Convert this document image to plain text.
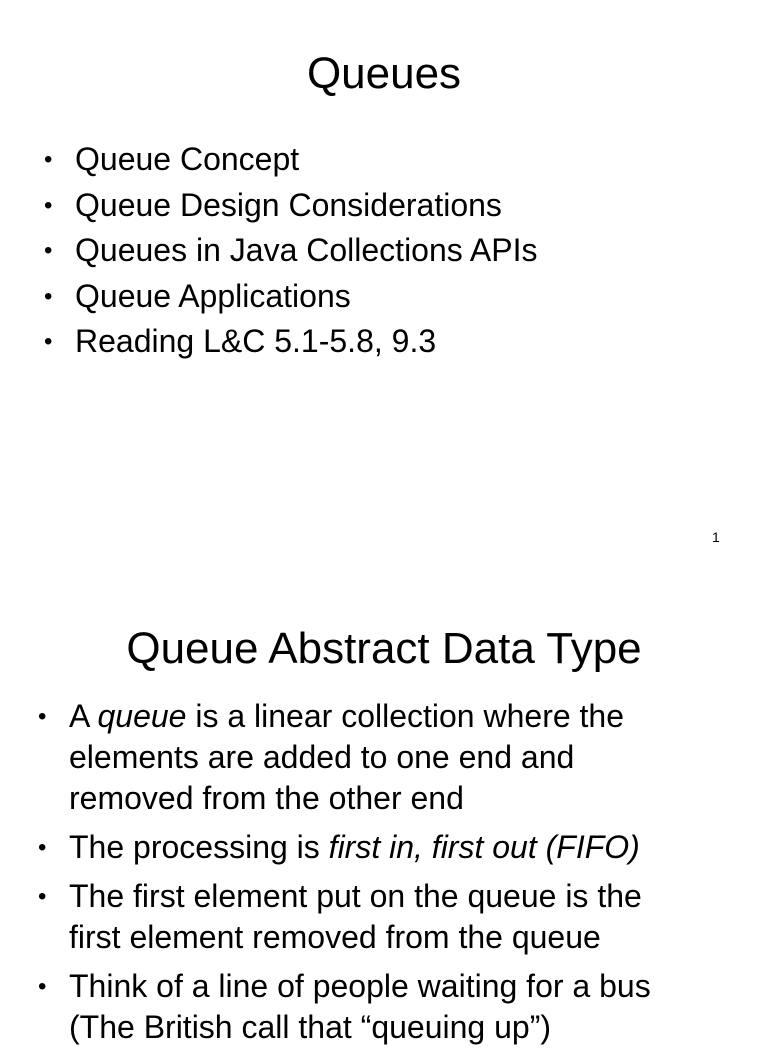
Queues
• Queue Concept
• Queue Design Considerations
• Queues in Java Collections APIs
• Queue Applications
• Reading L&C 5.1-5.8, 9.3
1
Queue Abstract Data Type
• A queue is a linear collection where the
elements are added to one end and
removed from the other end
• The processing is first in, first out (FIFO)
• The first element put on the queue is the
first element removed from the queue
• Think of a line of people waiting for a bus
(The British call that “queuing up”)
